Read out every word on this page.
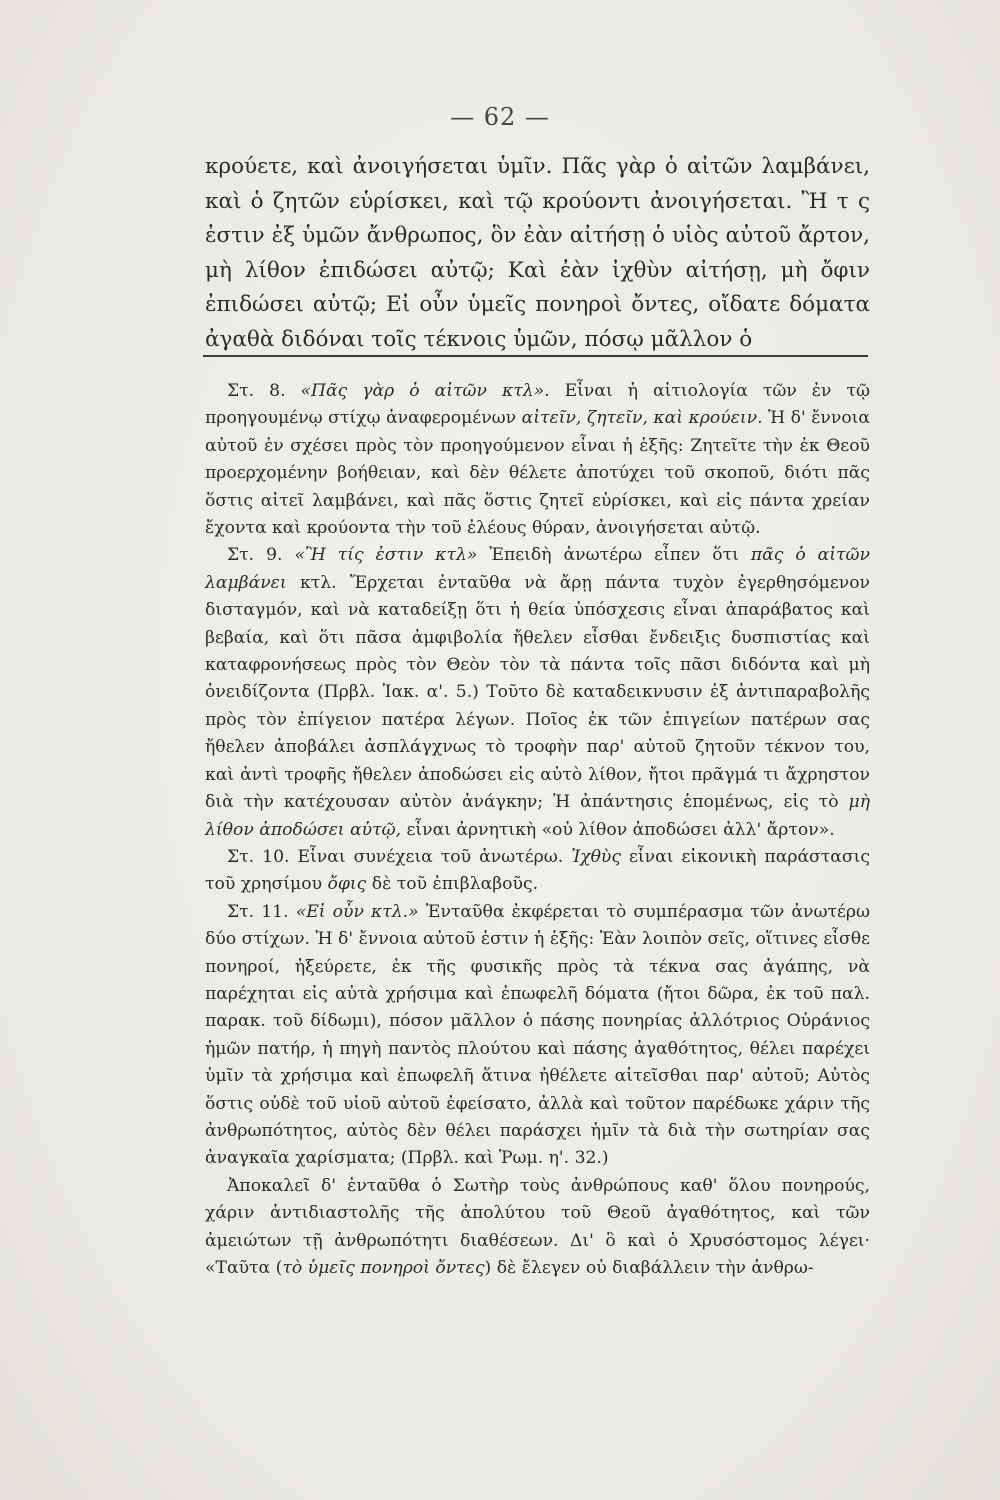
— 62 —

κρούετε, καὶ ἀνοιγήσεται ὑμῖν. Πᾶς γὰρ ὁ αἰτῶν λαμβάνει, καὶ ὁ ζητῶν εὑρίσκει, καὶ τῷ κρούοντι ἀνοιγήσεται. Ἢ τ ς ἐστιν ἐξ ὑμῶν ἄνθρωπος, ὃν ἐὰν αἰτήσῃ ὁ υἱὸς αὐτοῦ ἄρτον, μὴ λίθον ἐπιδώσει αὐτῷ; Καὶ ἐὰν ἰχθὺν αἰτήσῃ, μὴ ὄφιν ἐπιδώσει αὐτῷ; Εἰ οὖν ὑμεῖς πονηροὶ ὄντες, οἴδατε δόματα ἀγαθὰ διδόναι τοῖς τέκνοις ὑμῶν, πόσῳ μᾶλλον ὁ

Στ. 8. «Πᾶς γὰρ ὁ αἰτῶν κτλ». Εἶναι ἡ αἰτιολογία τῶν ἐν τῷ προηγουμένῳ στίχῳ ἀναφερομένων αἰτεῖν, ζητεῖν, καὶ κρούειν. Ἡ δ' ἔννοια αὐτοῦ ἐν σχέσει πρὸς τὸν προηγούμενον εἶναι ἡ ἑξῆς: Ζητεῖτε τὴν ἐκ Θεοῦ προερχομένην βοήθειαν, καὶ δὲν θέλετε ἀποτύχει τοῦ σκοποῦ, διότι πᾶς ὅστις αἰτεῖ λαμβάνει, καὶ πᾶς ὅστις ζητεῖ εὑρίσκει, καὶ εἰς πάντα χρείαν ἔχοντα καὶ κρούοντα τὴν τοῦ ἐλέους θύραν, ἀνοιγήσεται αὐτῷ.

Στ. 9. «Ἢ τίς ἐστιν κτλ» Ἐπειδὴ ἀνωτέρω εἶπεν ὅτι πᾶς ὁ αἰτῶν λαμβάνει κτλ. Ἔρχεται ἐνταῦθα νὰ ἄρῃ πάντα τυχὸν ἐγερθησόμενον δισταγμόν, καὶ νὰ καταδείξῃ ὅτι ἡ θεία ὑπόσχεσις εἶναι ἀπαράβατος καὶ βεβαία, καὶ ὅτι πᾶσα ἀμφιβολία ἤθελεν εἶσθαι ἔνδειξις δυσπιστίας καὶ καταφρονήσεως πρὸς τὸν Θεὸν τὸν τὰ πάντα τοῖς πᾶσι διδόντα καὶ μὴ ὀνειδίζοντα (Πρβλ. Ἰακ. α'. 5.) Τοῦτο δὲ καταδεικνυσιν ἐξ ἀντιπαραβολῆς πρὸς τὸν ἐπίγειον πατέρα λέγων. Ποῖος ἐκ τῶν ἐπιγείων πατέρων σας ἤθελεν ἀποβάλει ἀσπλάγχνως τὸ τροφὴν παρ' αὐτοῦ ζητοῦν τέκνον του, καὶ ἀντὶ τροφῆς ἤθελεν ἀποδώσει εἰς αὐτὸ λίθον, ἤτοι πρᾶγμά τι ἄχρηστον διὰ τὴν κατέχουσαν αὐτὸν ἀνάγκην; Ἡ ἀπάντησις ἑπομένως, εἰς τὸ μὴ λίθον ἀποδώσει αὐτῷ, εἶναι ἀρνητικὴ «οὐ λίθον ἀποδώσει ἀλλ' ἄρτον».

Στ. 10. Εἶναι συνέχεια τοῦ ἀνωτέρω. Ἰχθὺς εἶναι εἰκονικὴ παράστασις τοῦ χρησίμου ὄφις δὲ τοῦ ἐπιβλαβοῦς.

Στ. 11. «Εἰ οὖν κτλ.» Ἐνταῦθα ἐκφέρεται τὸ συμπέρασμα τῶν ἀνωτέρω δύο στίχων. Ἡ δ' ἔννοια αὐτοῦ ἐστιν ἡ ἑξῆς: Ἐὰν λοιπὸν σεῖς, οἵτινες εἶσθε πονηροί, ἠξεύρετε, ἐκ τῆς φυσικῆς πρὸς τὰ τέκνα σας ἀγάπης, νὰ παρέχηται εἰς αὐτὰ χρήσιμα καὶ ἐπωφελῆ δόματα (ἤτοι δῶρα, ἐκ τοῦ παλ. παρακ. τοῦ δίδωμι), πόσον μᾶλλον ὁ πάσης πονηρίας ἀλλότριος Οὐράνιος ἡμῶν πατήρ, ἡ πηγὴ παντὸς πλούτου καὶ πάσης ἀγαθότητος, θέλει παρέχει ὑμῖν τὰ χρήσιμα καὶ ἐπωφελῆ ἅτινα ἠθέλετε αἰτεῖσθαι παρ' αὐτοῦ; Αὐτὸς ὅστις οὐδὲ τοῦ υἱοῦ αὐτοῦ ἐφείσατο, ἀλλὰ καὶ τοῦτον παρέδωκε χάριν τῆς ἀνθρωπότητος, αὐτὸς δὲν θέλει παράσχει ἡμῖν τὰ διὰ τὴν σωτηρίαν σας ἀναγκαῖα χαρίσματα; (Πρβλ. καὶ Ῥωμ. η'. 32.)

Ἀποκαλεῖ δ' ἐνταῦθα ὁ Σωτὴρ τοὺς ἀνθρώπους καθ' ὅλου πονηρούς, χάριν ἀντιδιαστολῆς τῆς ἀπολύτου τοῦ Θεοῦ ἀγαθότητος, καὶ τῶν ἀμειώτων τῇ ἀνθρωπότητι διαθέσεων. Δι' ὃ καὶ ὁ Χρυσόστομος λέγει· «Ταῦτα (τὸ ὑμεῖς πονηροὶ ὄντες) δὲ ἔλεγεν οὐ διαβάλλειν τὴν ἀνθρω-
